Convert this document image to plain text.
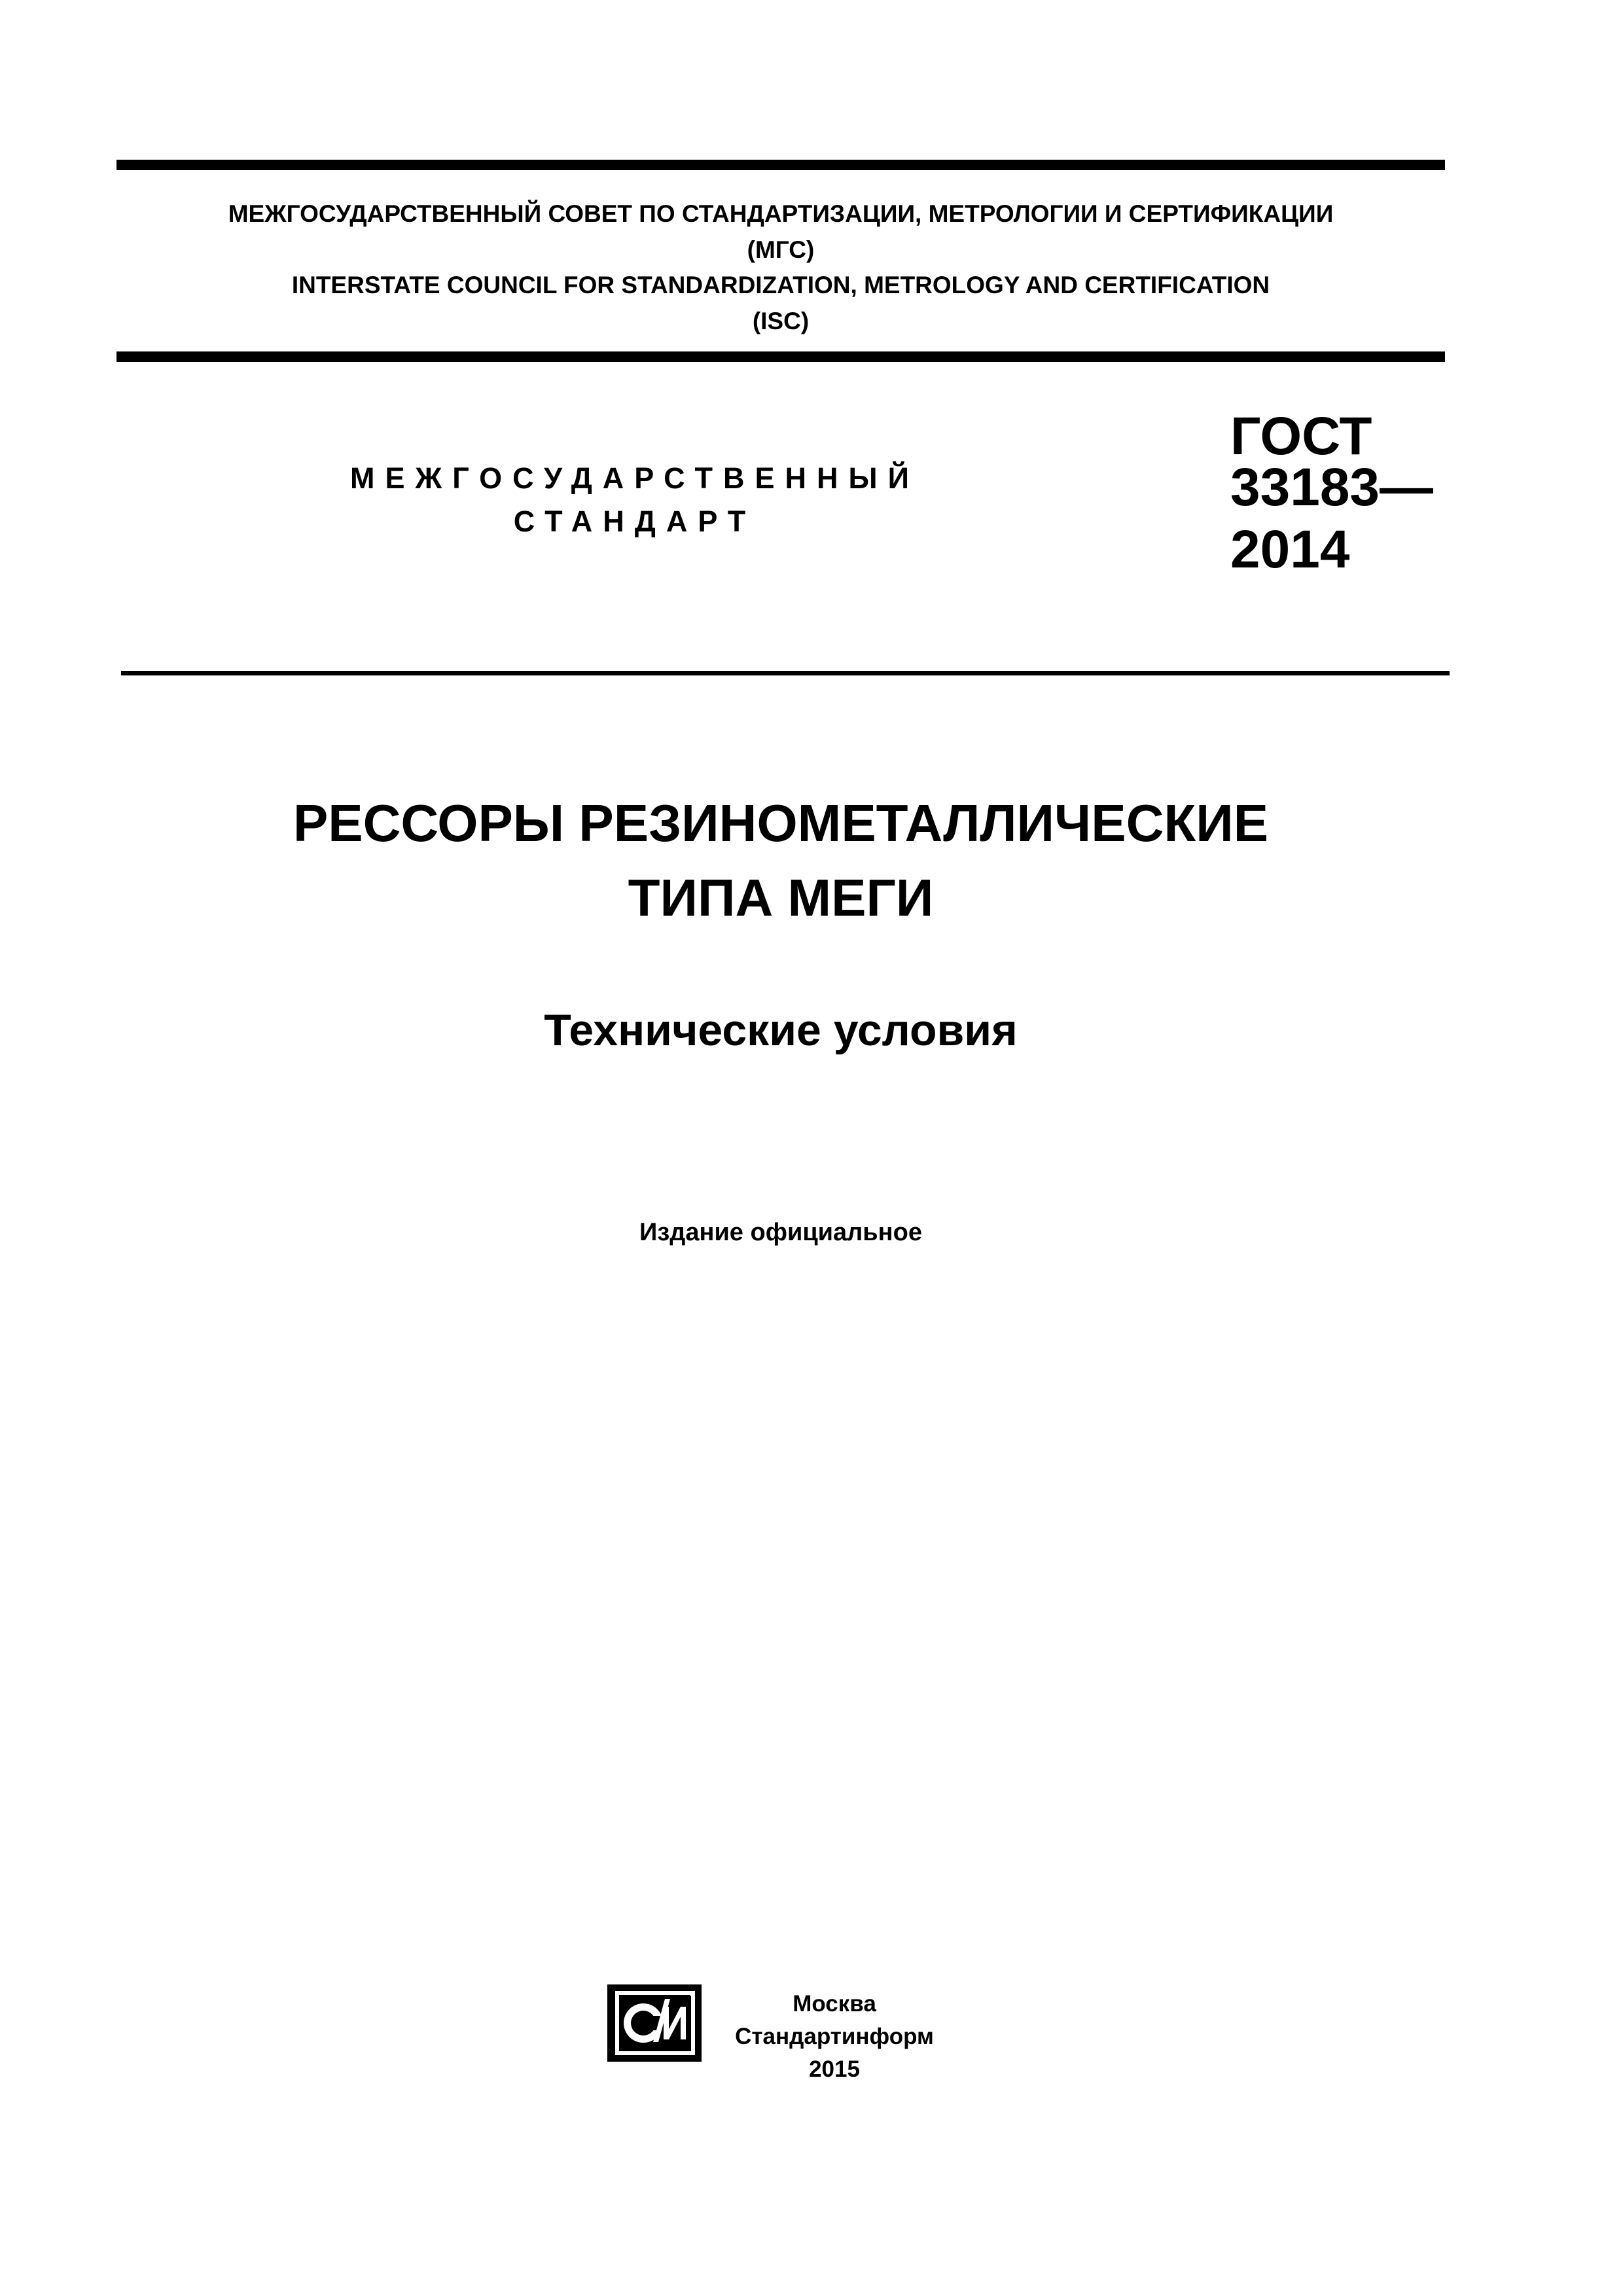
МЕЖГОСУДАРСТВЕННЫЙ СОВЕТ ПО СТАНДАРТИЗАЦИИ, МЕТРОЛОГИИ И СЕРТИФИКАЦИИ
(МГС)
INTERSTATE COUNCIL FOR STANDARDIZATION, METROLOGY AND CERTIFICATION
(ISC)
МЕЖГОСУДАРСТВЕННЫЙ
СТАНДАРТ
ГОСТ
33183—
2014
РЕССОРЫ РЕЗИНОМЕТАЛЛИЧЕСКИЕ
ТИПА МЕГИ
Технические условия
Издание официальное
Москва
Стандартинформ
2015
